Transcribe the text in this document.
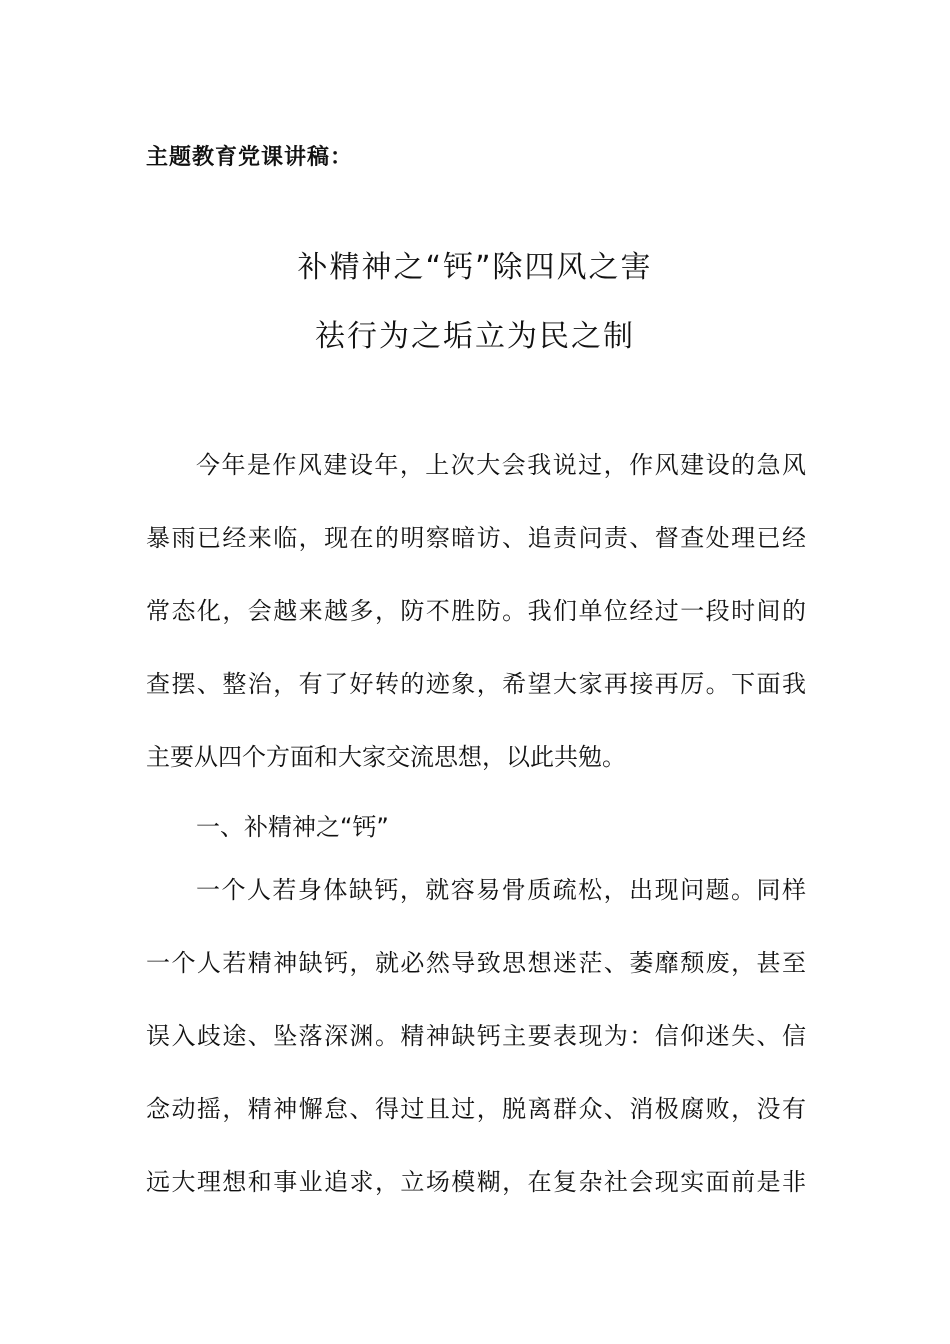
主题教育党课讲稿：
补精神之“钙”除四风之害
祛行为之垢立为民之制
今年是作风建设年，上次大会我说过，作风建设的急风
暴雨已经来临，现在的明察暗访、追责问责、督查处理已经
常态化，会越来越多，防不胜防。我们单位经过一段时间的
查摆、整治，有了好转的迹象，希望大家再接再厉。下面我
主要从四个方面和大家交流思想，以此共勉。
一、补精神之“钙”
一个人若身体缺钙，就容易骨质疏松，出现问题。同样
一个人若精神缺钙，就必然导致思想迷茫、萎靡颓废，甚至
误入歧途、坠落深渊。精神缺钙主要表现为：信仰迷失、信
念动摇，精神懈怠、得过且过，脱离群众、消极腐败，没有
远大理想和事业追求，立场模糊，在复杂社会现实面前是非
